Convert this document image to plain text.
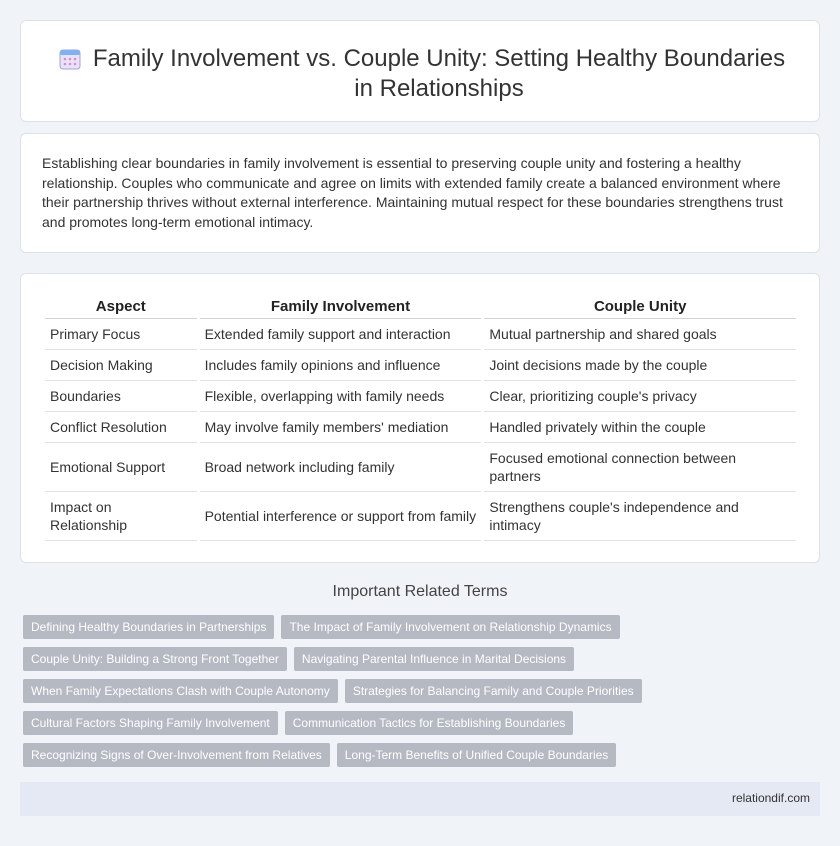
Family Involvement vs. Couple Unity: Setting Healthy Boundaries in Relationships

Establishing clear boundaries in family involvement is essential to preserving couple unity and fostering a healthy relationship. Couples who communicate and agree on limits with extended family create a balanced environment where their partnership thrives without external interference. Maintaining mutual respect for these boundaries strengthens trust and promotes long-term emotional intimacy.

Aspect	Family Involvement	Couple Unity
Primary Focus	Extended family support and interaction	Mutual partnership and shared goals
Decision Making	Includes family opinions and influence	Joint decisions made by the couple
Boundaries	Flexible, overlapping with family needs	Clear, prioritizing couple's privacy
Conflict Resolution	May involve family members' mediation	Handled privately within the couple
Emotional Support	Broad network including family	Focused emotional connection between partners
Impact on Relationship	Potential interference or support from family	Strengthens couple's independence and intimacy
Important Related Terms
Defining Healthy Boundaries in Partnerships	The Impact of Family Involvement on Relationship Dynamics
Couple Unity: Building a Strong Front Together	Navigating Parental Influence in Marital Decisions
When Family Expectations Clash with Couple Autonomy	Strategies for Balancing Family and Couple Priorities
Cultural Factors Shaping Family Involvement	Communication Tactics for Establishing Boundaries
Recognizing Signs of Over-Involvement from Relatives	Long-Term Benefits of Unified Couple Boundaries
relationdif.com
